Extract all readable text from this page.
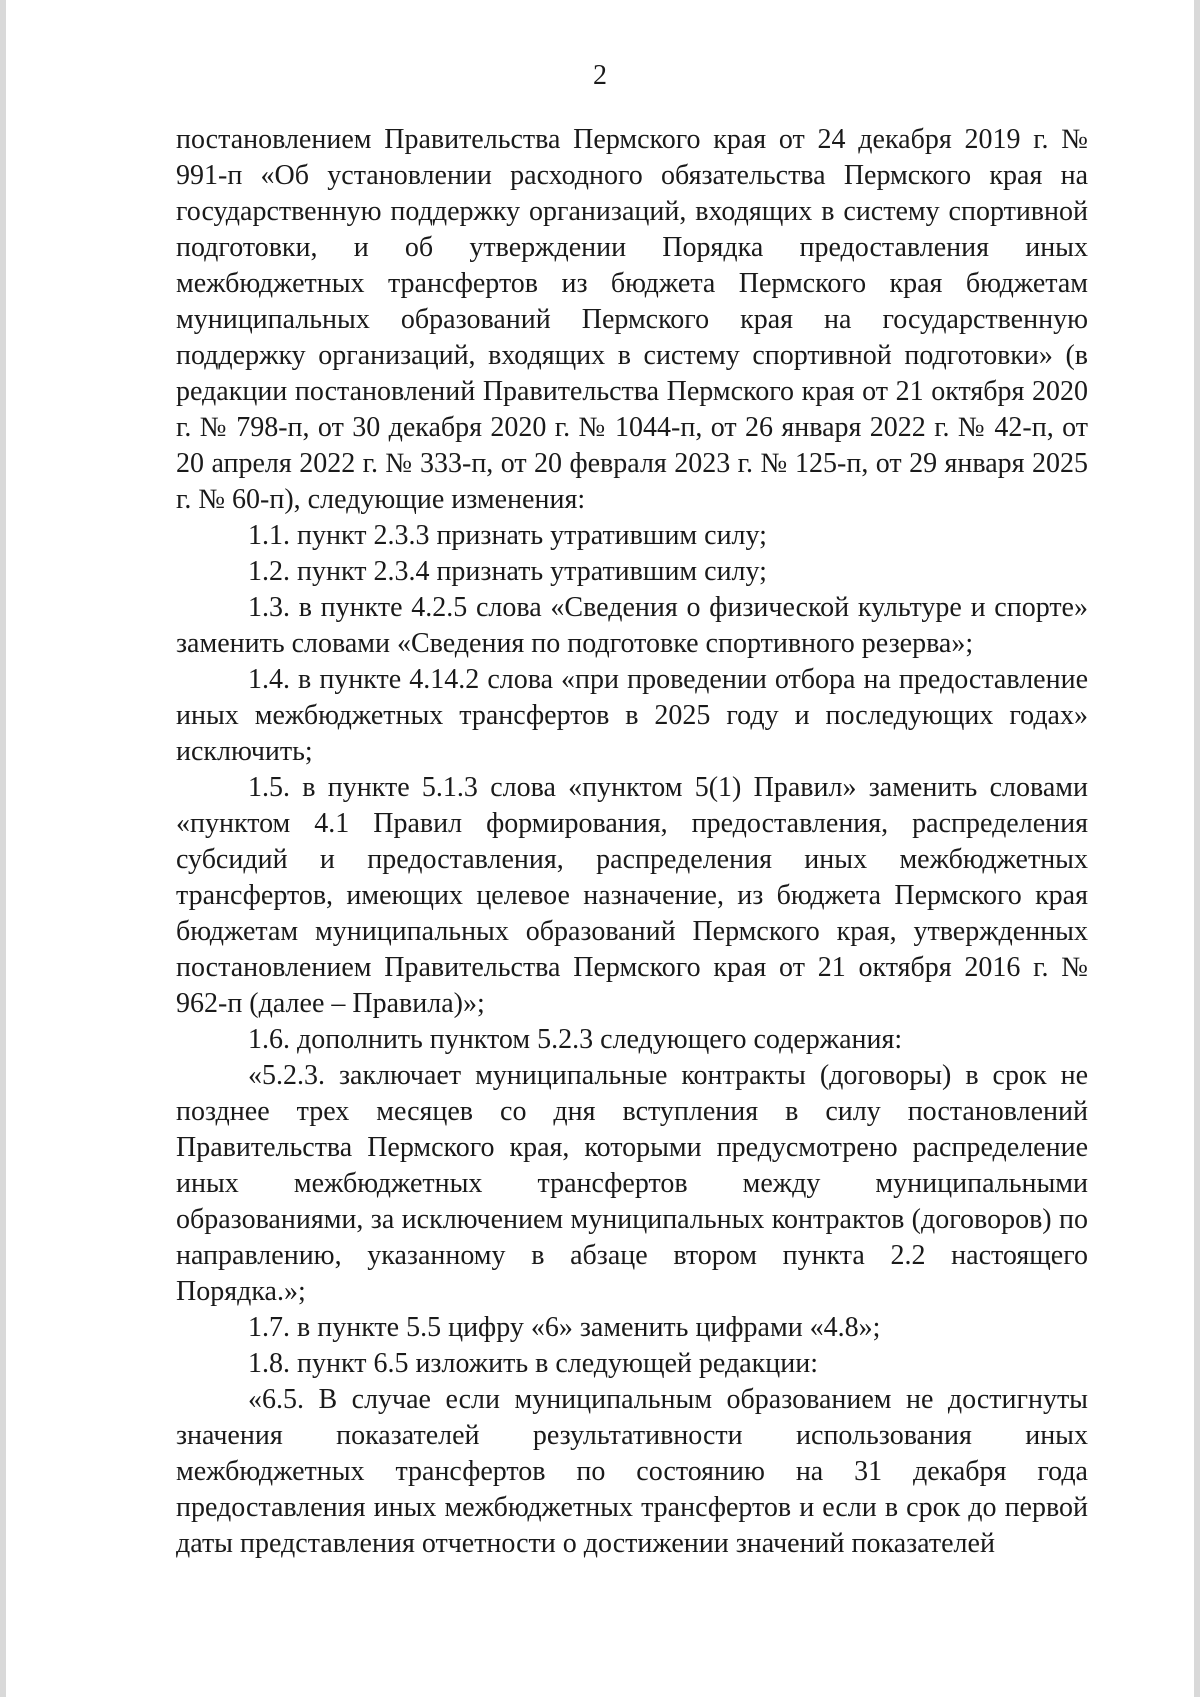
2

постановлением Правительства Пермского края от 24 декабря 2019 г. № 991-п «Об установлении расходного обязательства Пермского края на государственную поддержку организаций, входящих в систему спортивной подготовки, и об утверждении Порядка предоставления иных межбюджетных трансфертов из бюджета Пермского края бюджетам муниципальных образований Пермского края на государственную поддержку организаций, входящих в систему спортивной подготовки» (в редакции постановлений Правительства Пермского края от 21 октября 2020 г. № 798-п, от 30 декабря 2020 г. № 1044-п, от 26 января 2022 г. № 42-п, от 20 апреля 2022 г. № 333-п, от 20 февраля 2023 г. № 125-п, от 29 января 2025 г. № 60-п), следующие изменения:

1.1. пункт 2.3.3 признать утратившим силу;

1.2. пункт 2.3.4 признать утратившим силу;

1.3. в пункте 4.2.5 слова «Сведения о физической культуре и спорте» заменить словами «Сведения по подготовке спортивного резерва»;

1.4. в пункте 4.14.2 слова «при проведении отбора на предоставление иных межбюджетных трансфертов в 2025 году и последующих годах» исключить;

1.5. в пункте 5.1.3 слова «пунктом 5(1) Правил» заменить словами «пунктом 4.1 Правил формирования, предоставления, распределения субсидий и предоставления, распределения иных межбюджетных трансфертов, имеющих целевое назначение, из бюджета Пермского края бюджетам муниципальных образований Пермского края, утвержденных постановлением Правительства Пермского края от 21 октября 2016 г. № 962-п (далее – Правила)»;

1.6. дополнить пунктом 5.2.3 следующего содержания:

«5.2.3. заключает муниципальные контракты (договоры) в срок не позднее трех месяцев со дня вступления в силу постановлений Правительства Пермского края, которыми предусмотрено распределение иных межбюджетных трансфертов между муниципальными образованиями, за исключением муниципальных контрактов (договоров) по направлению, указанному в абзаце втором пункта 2.2 настоящего Порядка.»;

1.7. в пункте 5.5 цифру «6» заменить цифрами «4.8»;

1.8. пункт 6.5 изложить в следующей редакции:

«6.5. В случае если муниципальным образованием не достигнуты значения показателей результативности использования иных межбюджетных трансфертов по состоянию на 31 декабря года предоставления иных межбюджетных трансфертов и если в срок до первой даты представления отчетности о достижении значений показателей
